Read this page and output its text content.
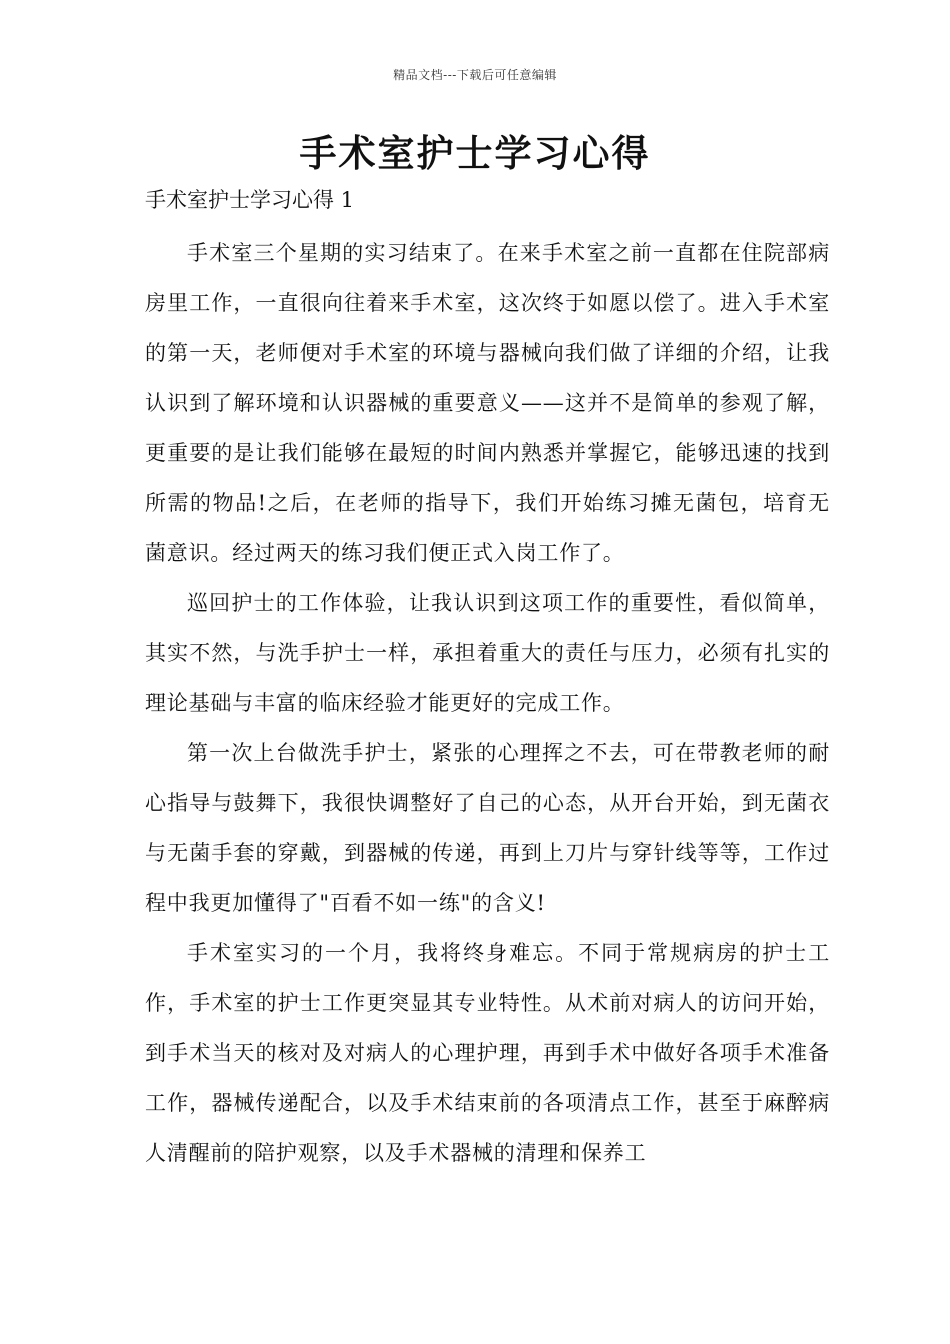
精品文档---下载后可任意编辑
手术室护士学习心得

手术室护士学习心得 1

手术室三个星期的实习结束了。在来手术室之前一直都在住院部病房里工作，一直很向往着来手术室，这次终于如愿以偿了。进入手术室的第一天，老师便对手术室的环境与器械向我们做了详细的介绍，让我认识到了解环境和认识器械的重要意义——这并不是简单的参观了解，更重要的是让我们能够在最短的时间内熟悉并掌握它，能够迅速的找到所需的物品!之后，在老师的指导下，我们开始练习摊无菌包，培育无菌意识。经过两天的练习我们便正式入岗工作了。

巡回护士的工作体验，让我认识到这项工作的重要性，看似简单，其实不然，与洗手护士一样，承担着重大的责任与压力，必须有扎实的理论基础与丰富的临床经验才能更好的完成工作。

第一次上台做洗手护士，紧张的心理挥之不去，可在带教老师的耐心指导与鼓舞下，我很快调整好了自己的心态，从开台开始，到无菌衣与无菌手套的穿戴，到器械的传递，再到上刀片与穿针线等等，工作过程中我更加懂得了"百看不如一练"的含义!

手术室实习的一个月，我将终身难忘。不同于常规病房的护士工作，手术室的护士工作更突显其专业特性。从术前对病人的访问开始，到手术当天的核对及对病人的心理护理，再到手术中做好各项手术准备工作，器械传递配合，以及手术结束前的各项清点工作，甚至于麻醉病人清醒前的陪护观察，以及手术器械的清理和保养工
